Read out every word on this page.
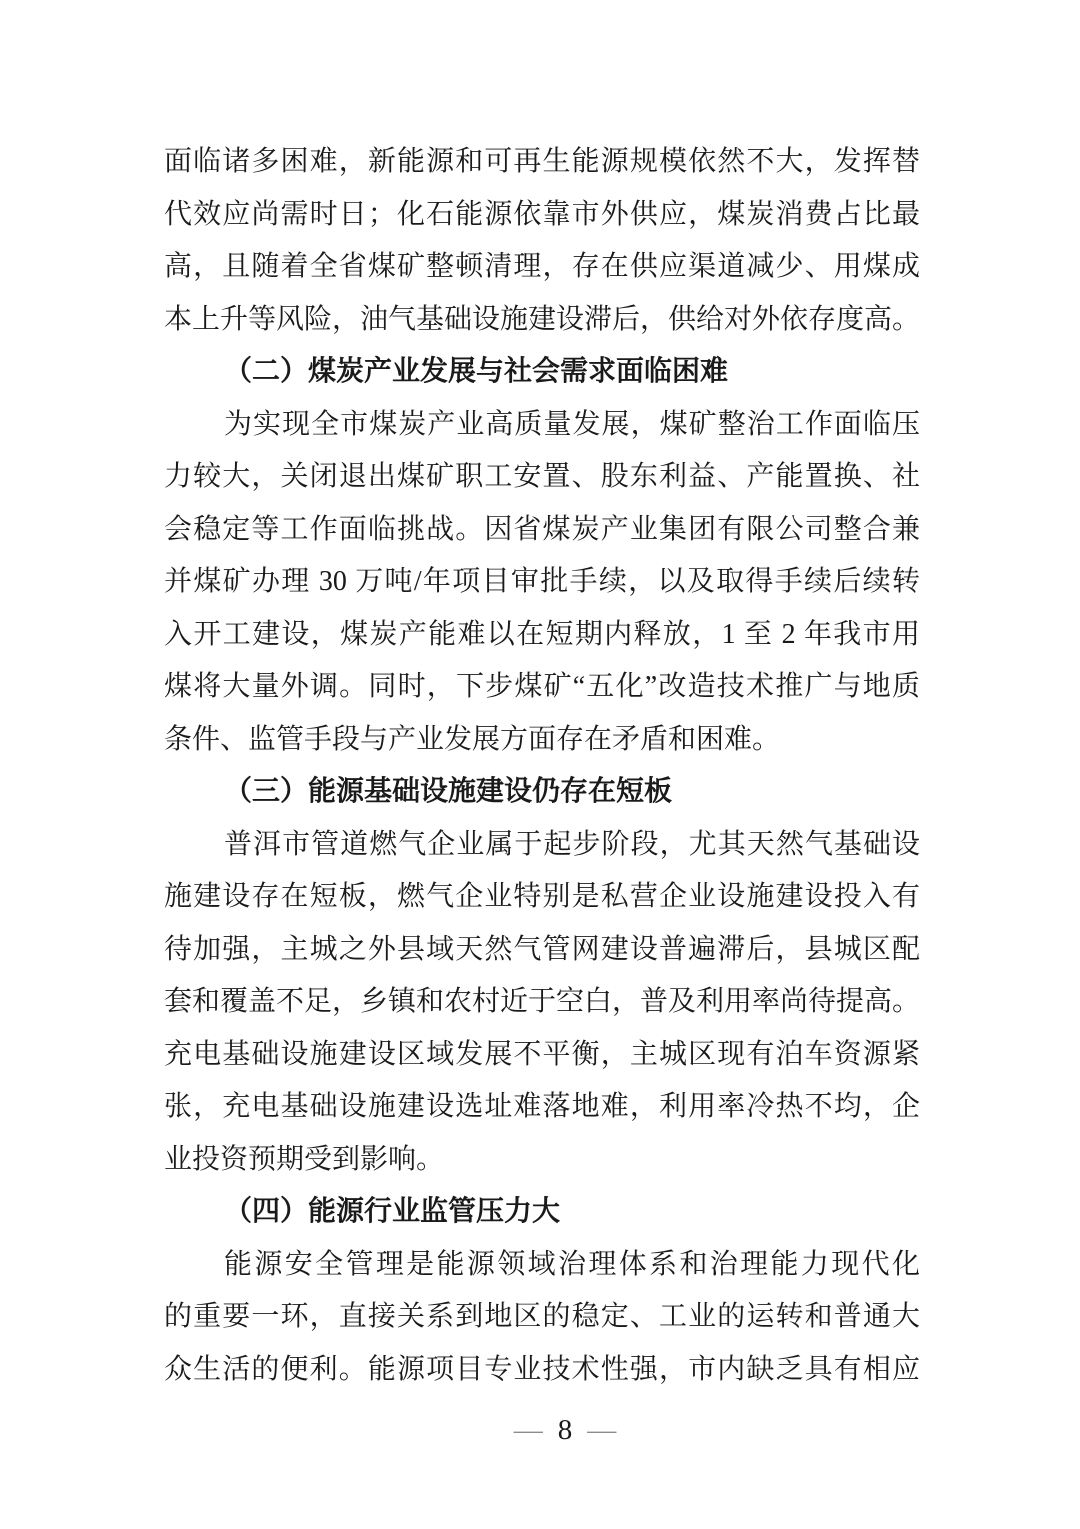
面临诸多困难，新能源和可再生能源规模依然不大，发挥替
代效应尚需时日；化石能源依靠市外供应，煤炭消费占比最
高，且随着全省煤矿整顿清理，存在供应渠道减少、用煤成
本上升等风险，油气基础设施建设滞后，供给对外依存度高。
（二）煤炭产业发展与社会需求面临困难
为实现全市煤炭产业高质量发展，煤矿整治工作面临压
力较大，关闭退出煤矿职工安置、股东利益、产能置换、社
会稳定等工作面临挑战。因省煤炭产业集团有限公司整合兼
并煤矿办理 30 万吨/年项目审批手续，以及取得手续后续转
入开工建设，煤炭产能难以在短期内释放，1 至 2 年我市用
煤将大量外调。同时，下步煤矿“五化”改造技术推广与地质
条件、监管手段与产业发展方面存在矛盾和困难。
（三）能源基础设施建设仍存在短板
普洱市管道燃气企业属于起步阶段，尤其天然气基础设
施建设存在短板，燃气企业特别是私营企业设施建设投入有
待加强，主城之外县域天然气管网建设普遍滞后，县城区配
套和覆盖不足，乡镇和农村近于空白，普及利用率尚待提高。
充电基础设施建设区域发展不平衡，主城区现有泊车资源紧
张，充电基础设施建设选址难落地难，利用率冷热不均，企
业投资预期受到影响。
（四）能源行业监管压力大
能源安全管理是能源领域治理体系和治理能力现代化
的重要一环，直接关系到地区的稳定、工业的运转和普通大
众生活的便利。能源项目专业技术性强，市内缺乏具有相应
— 8 —
